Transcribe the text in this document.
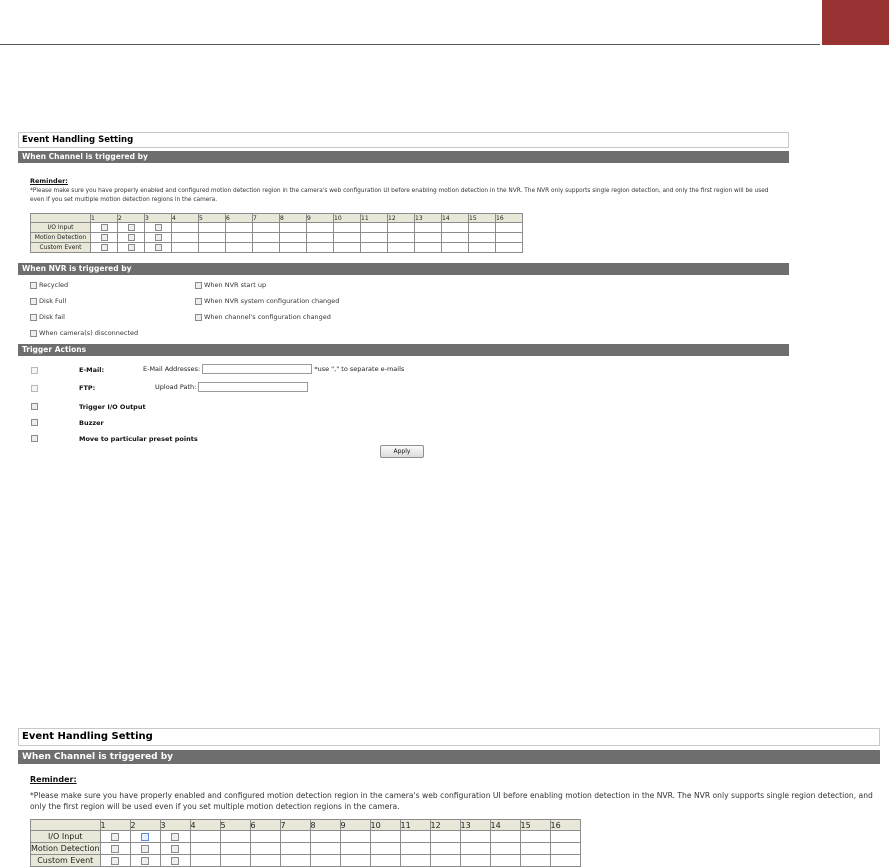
Event Handling Setting
When Channel is triggered by
Reminder:
*Please make sure you have properly enabled and configured motion detection region in the camera's web configuration UI before enabling motion detection in the NVR. The NVR only supports single region detection, and only the first region will be used even if you set multiple motion detection regions in the camera.
	1	2	3	4	5	6	7	8	9	10	11	12	13	14	15	16
I/O Input																
Motion Detection																
Custom Event																
When NVR is triggered by
Recycled
Disk Full
Disk fail
When camera(s) disconnected
When NVR start up
When NVR system configuration changed
When channel's configuration changed
Trigger Actions
E-Mail:	E-Mail Addresses:	*use "," to separate e-mails
FTP:	Upload Path:
Trigger I/O Output
Buzzer
Move to particular preset points
Apply
Event Handling Setting
When Channel is triggered by
Reminder:
*Please make sure you have properly enabled and configured motion detection region in the camera's web configuration UI before enabling motion detection in the NVR. The NVR only supports single region detection, and only the first region will be used even if you set multiple motion detection regions in the camera.
	1	2	3	4	5	6	7	8	9	10	11	12	13	14	15	16
I/O Input																
Motion Detection																
Custom Event																
